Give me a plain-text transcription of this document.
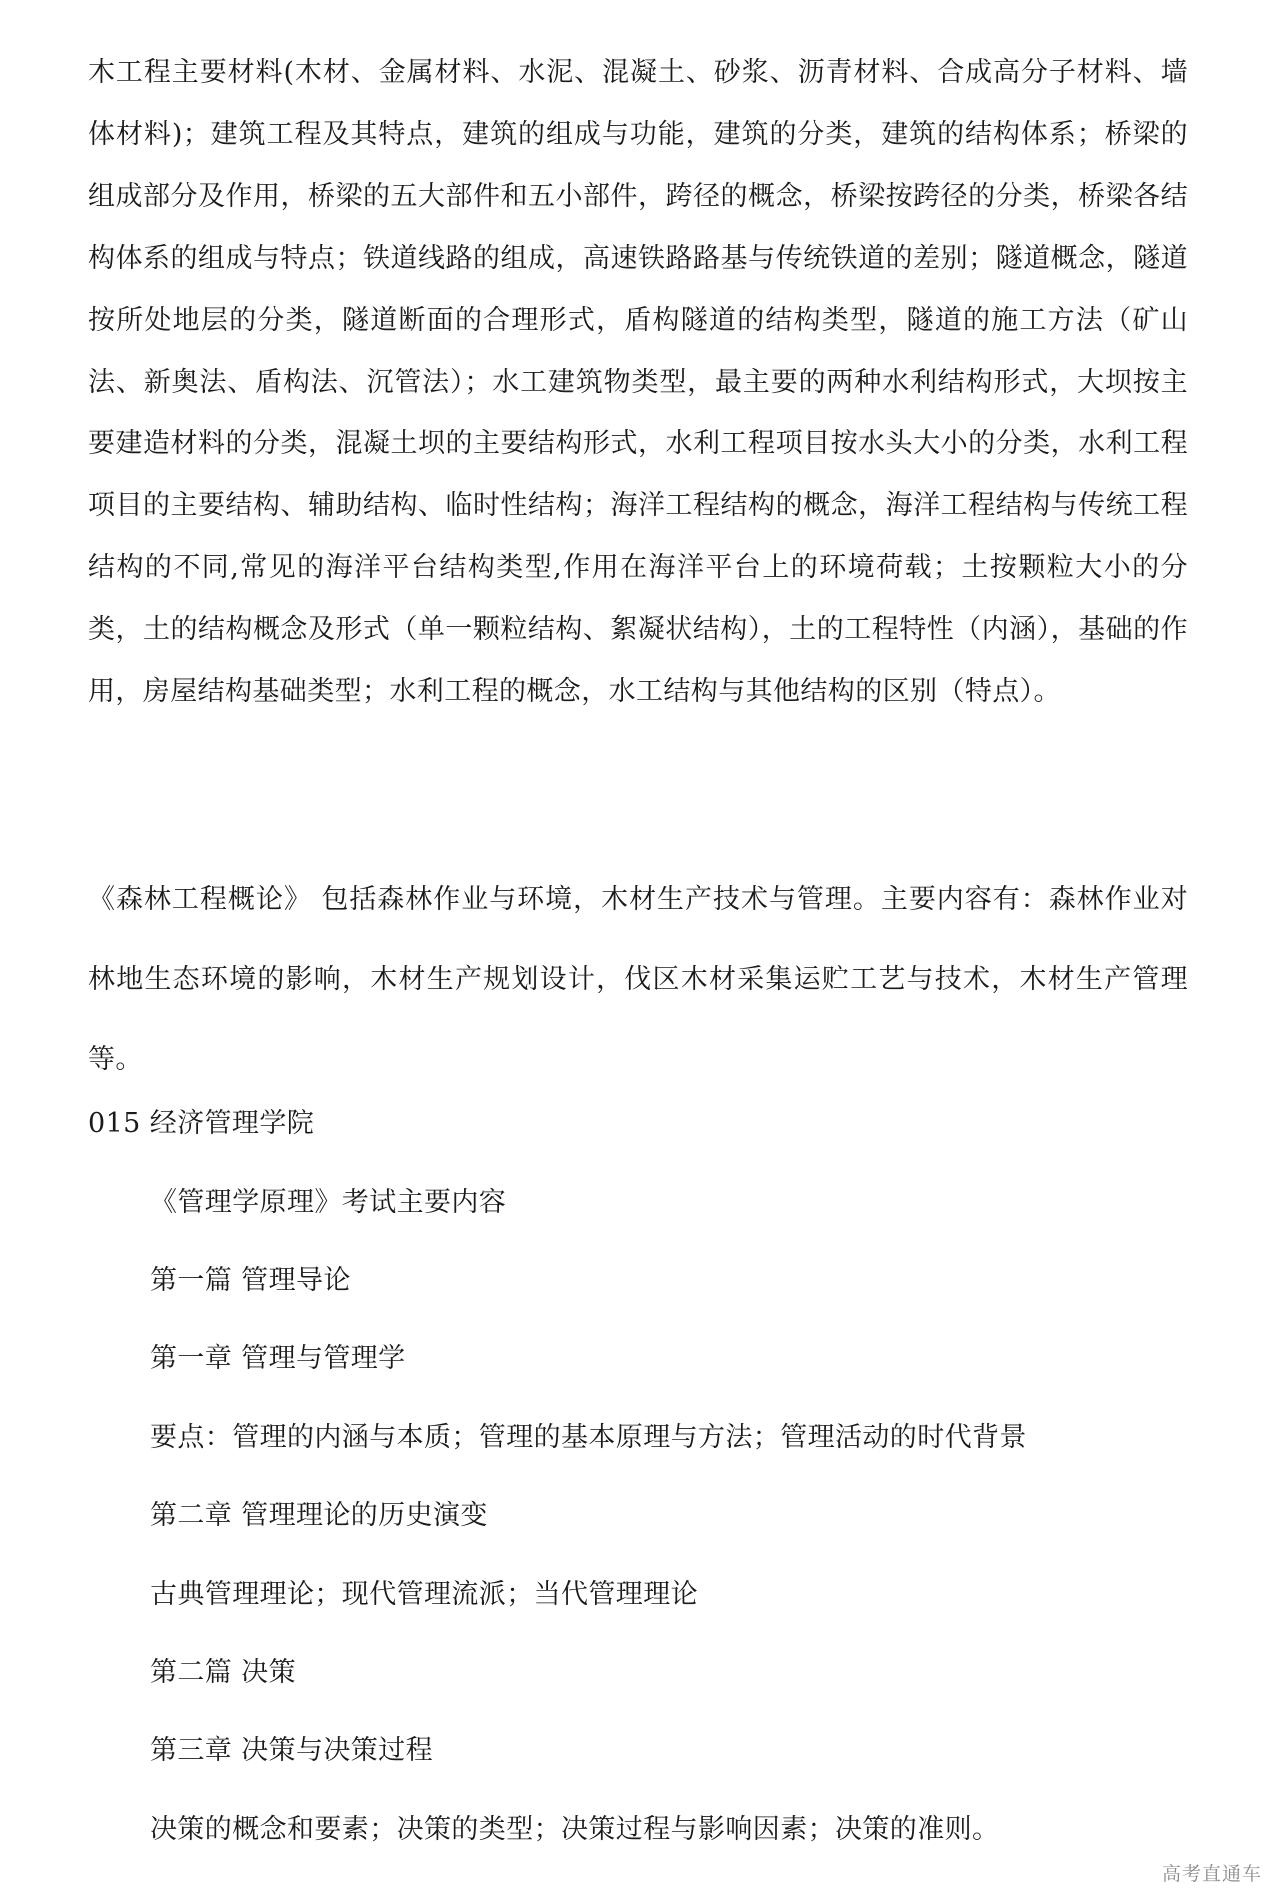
木工程主要材料(木材、金属材料、水泥、混凝土、砂浆、沥青材料、合成高分子材料、墙体材料)；建筑工程及其特点，建筑的组成与功能，建筑的分类，建筑的结构体系；桥梁的组成部分及作用，桥梁的五大部件和五小部件，跨径的概念，桥梁按跨径的分类，桥梁各结构体系的组成与特点；铁道线路的组成，高速铁路路基与传统铁道的差别；隧道概念，隧道按所处地层的分类，隧道断面的合理形式，盾构隧道的结构类型，隧道的施工方法（矿山法、新奥法、盾构法、沉管法）；水工建筑物类型，最主要的两种水利结构形式，大坝按主要建造材料的分类，混凝土坝的主要结构形式，水利工程项目按水头大小的分类，水利工程项目的主要结构、辅助结构、临时性结构；海洋工程结构的概念，海洋工程结构与传统工程结构的不同,常见的海洋平台结构类型,作用在海洋平台上的环境荷载；土按颗粒大小的分类，土的结构概念及形式（单一颗粒结构、絮凝状结构），土的工程特性（内涵），基础的作用，房屋结构基础类型；水利工程的概念，水工结构与其他结构的区别（特点）。
《森林工程概论》 包括森林作业与环境，木材生产技术与管理。主要内容有：森林作业对林地生态环境的影响，木材生产规划设计，伐区木材采集运贮工艺与技术，木材生产管理等。
015 经济管理学院
《管理学原理》考试主要内容
第一篇 管理导论
第一章 管理与管理学
要点：管理的内涵与本质；管理的基本原理与方法；管理活动的时代背景
第二章 管理理论的历史演变
古典管理理论；现代管理流派；当代管理理论
第二篇 决策
第三章 决策与决策过程
决策的概念和要素；决策的类型；决策过程与影响因素；决策的准则。
高考直通车
